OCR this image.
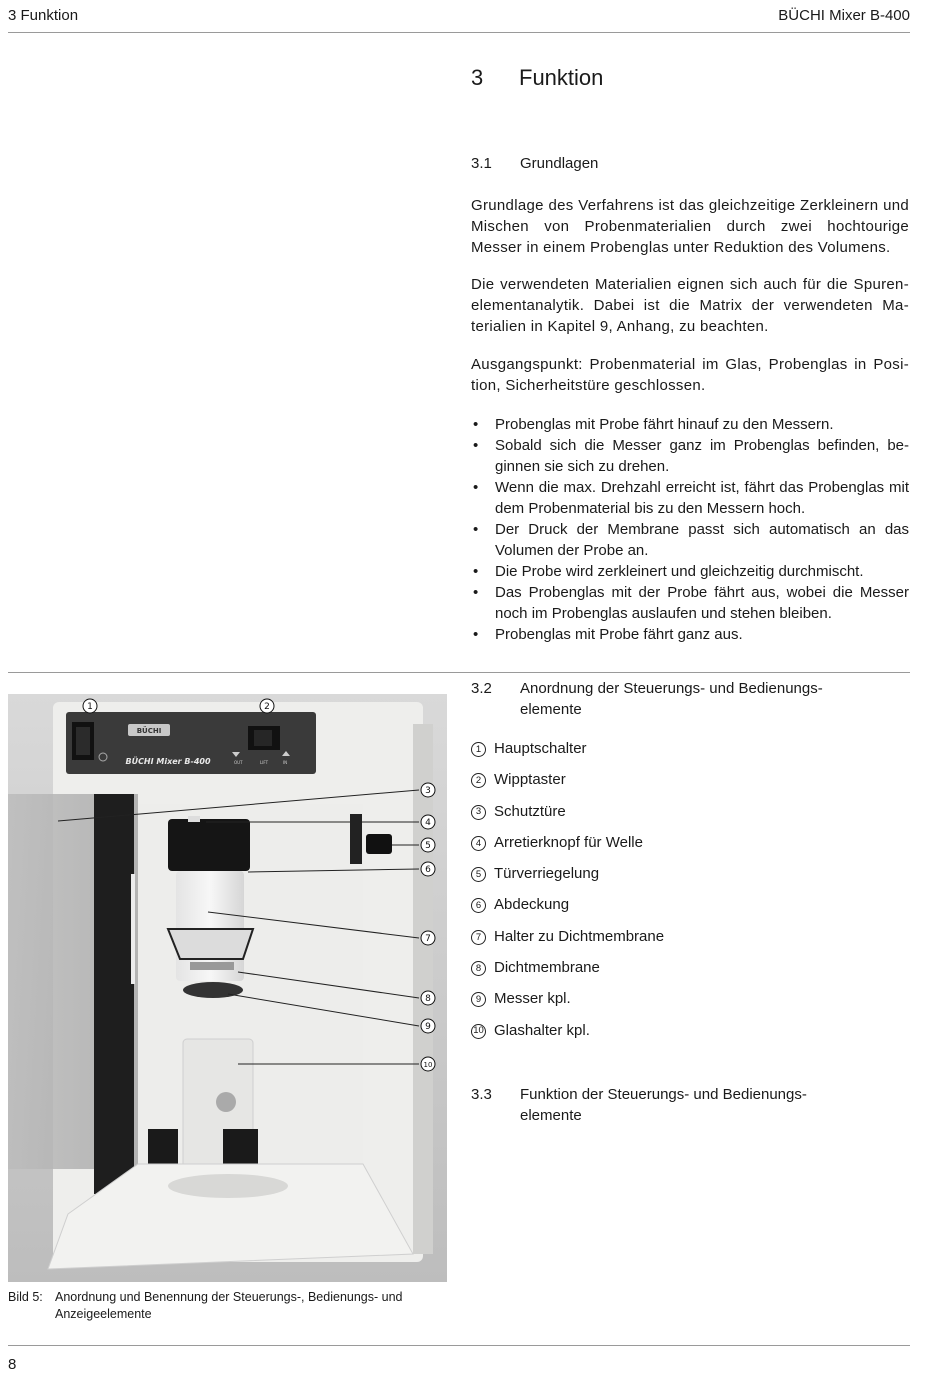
3 Funktion	BÜCHI Mixer B-400
3 Funktion
3.1 Grundlagen
Grundlage des Verfahrens ist das gleichzeitige Zerkleinern und Mischen von Probenmaterialien durch zwei hochtourige Messer in einem Probenglas unter Reduktion des Volumens.
Die verwendeten Materialien eignen sich auch für die Spuren-elementanalytik. Dabei ist die Matrix der verwendeten Ma-terialien in Kapitel 9, Anhang, zu beachten.
Ausgangspunkt: Probenmaterial im Glas, Probenglas in Posi-tion, Sicherheitstüre geschlossen.
• Probenglas mit Probe fährt hinauf zu den Messern.
• Sobald sich die Messer ganz im Probenglas befinden, be-ginnen sie sich zu drehen.
• Wenn die max. Drehzahl erreicht ist, fährt das Probenglas mit dem Probenmaterial bis zu den Messern hoch.
• Der Druck der Membrane passt sich automatisch an das Volumen der Probe an.
• Die Probe wird zerkleinert und gleichzeitig durchmischt.
• Das Probenglas mit der Probe fährt aus, wobei die Messer noch im Probenglas auslaufen und stehen bleiben.
• Probenglas mit Probe fährt ganz aus.
3.2 Anordnung der Steuerungs- und Bedienungs-elemente
1 Hauptschalter
2 Wipptaster
3 Schutztüre
4 Arretierknopf für Welle
5 Türverriegelung
6 Abdeckung
7 Halter zu Dichtmembrane
8 Dichtmembrane
9 Messer kpl.
10 Glashalter kpl.
3.3 Funktion der Steuerungs- und Bedienungs-elemente
BÜCHI
BÜCHI Mixer B-400	OUT	LIFT	IN
1	2
3
4
5
6
7
8
9
10
Bild 5: Anordnung und Benennung der Steuerungs-, Bedienungs- und Anzeigeelemente
8
